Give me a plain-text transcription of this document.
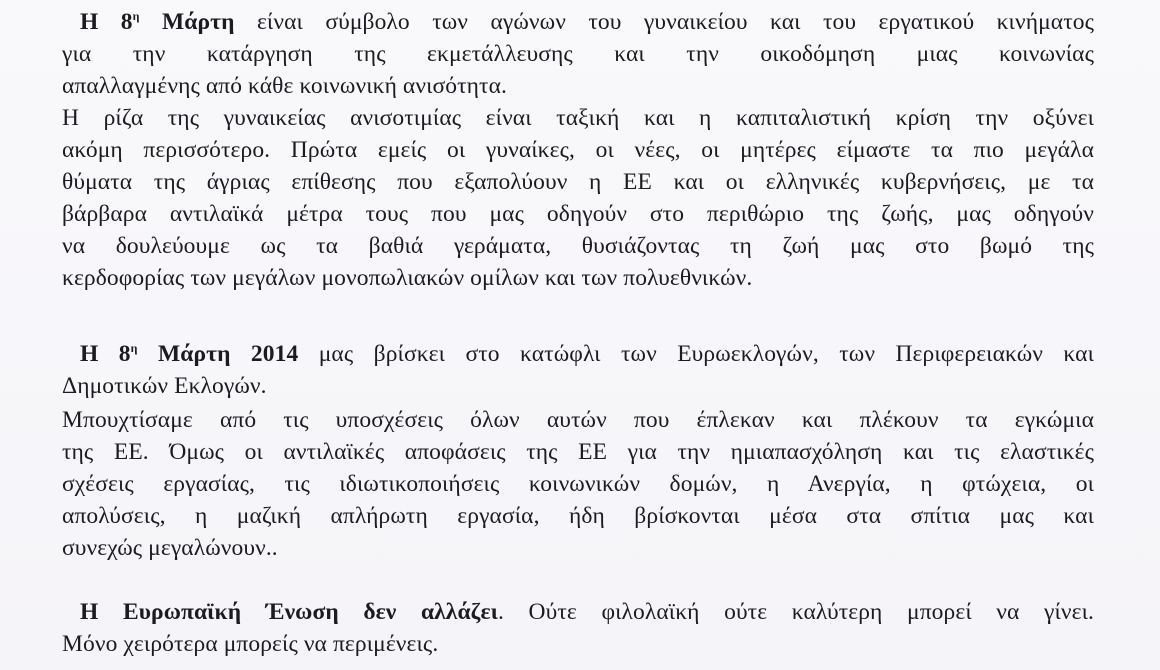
Η $8^\eta$ Μάρτη είναι σύμβολο των αγώνων του γυναικείου και του εργατικού κινήματος
για την κατάργηση της εκμετάλλευσης και την οικοδόμηση μιας κοινωνίας
απαλλαγμένης από κάθε κοινωνική ανισότητα.
Η ρίζα της γυναικείας ανισοτιμίας είναι ταξική και η καπιταλιστική κρίση την οξύνει
ακόμη περισσότερο. Πρώτα εμείς οι γυναίκες, οι νέες, οι μητέρες είμαστε τα πιο μεγάλα
θύματα της άγριας επίθεσης που εξαπολύουν η ΕΕ και οι ελληνικές κυβερνήσεις, με τα
βάρβαρα αντιλαϊκά μέτρα τους που μας οδηγούν στο περιθώριο της ζωής, μας οδηγούν
να δουλεύουμε ως τα βαθιά γεράματα, θυσιάζοντας τη ζωή μας στο βωμό της
κερδοφορίας των μεγάλων μονοπωλιακών ομίλων και των πολυεθνικών.
Η $8^\eta$ Μάρτη 2014 μας βρίσκει στο κατώφλι των Ευρωεκλογών, των Περιφερειακών και
Δημοτικών Εκλογών.
Μπουχτίσαμε από τις υποσχέσεις όλων αυτών που έπλεκαν και πλέκουν τα εγκώμια
της ΕΕ. Όμως οι αντιλαϊκές αποφάσεις της ΕΕ για την ημιαπασχόληση και τις ελαστικές
σχέσεις εργασίας, τις ιδιωτικοποιήσεις κοινωνικών δομών, η Ανεργία, η φτώχεια, οι
απολύσεις, η μαζική απλήρωτη εργασία, ήδη βρίσκονται μέσα στα σπίτια μας και
συνεχώς μεγαλώνουν..
Η Ευρωπαϊκή Ένωση δεν αλλάζει. Ούτε φιλολαϊκή ούτε καλύτερη μπορεί να γίνει.
Μόνο χειρότερα μπορείς να περιμένεις.
